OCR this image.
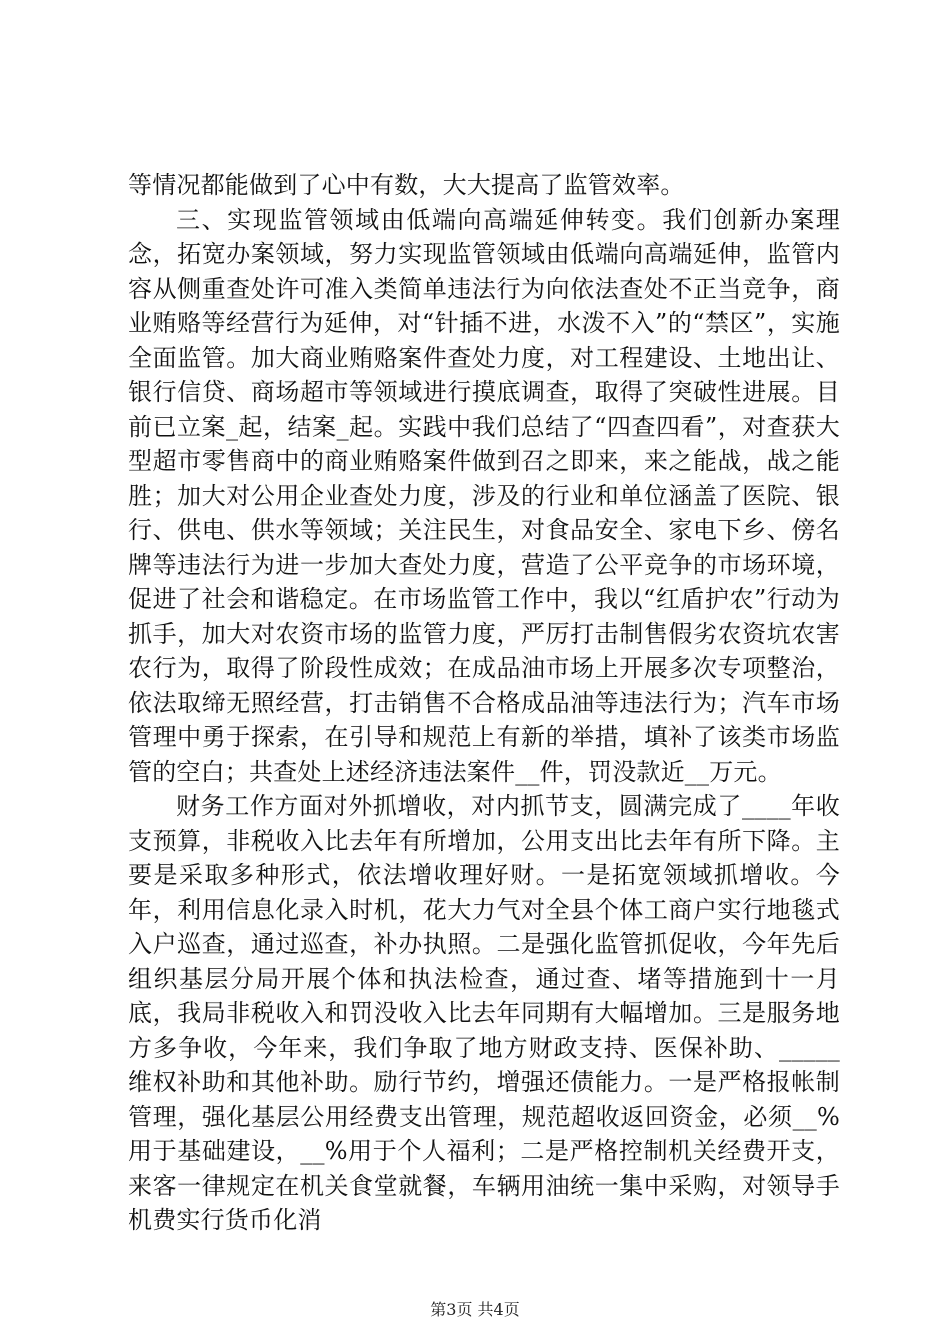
等情况都能做到了心中有数，大大提高了监管效率。

三、实现监管领域由低端向高端延伸转变。我们创新办案理念，拓宽办案领域，努力实现监管领域由低端向高端延伸，监管内容从侧重查处许可准入类简单违法行为向依法查处不正当竞争，商业贿赂等经营行为延伸，对“针插不进，水泼不入”的“禁区”，实施全面监管。加大商业贿赂案件查处力度，对工程建设、土地出让、银行信贷、商场超市等领域进行摸底调查，取得了突破性进展。目前已立案_起，结案_起。实践中我们总结了“四查四看”，对查获大型超市零售商中的商业贿赂案件做到召之即来，来之能战，战之能胜；加大对公用企业查处力度，涉及的行业和单位涵盖了医院、银行、供电、供水等领域；关注民生，对食品安全、家电下乡、傍名牌等违法行为进一步加大查处力度，营造了公平竞争的市场环境，促进了社会和谐稳定。在市场监管工作中，我以“红盾护农”行动为抓手，加大对农资市场的监管力度，严厉打击制售假劣农资坑农害农行为，取得了阶段性成效；在成品油市场上开展多次专项整治，依法取缔无照经营，打击销售不合格成品油等违法行为；汽车市场管理中勇于探索，在引导和规范上有新的举措，填补了该类市场监管的空白；共查处上述经济违法案件__件，罚没款近__万元。

财务工作方面对外抓增收，对内抓节支，圆满完成了____年收支预算，非税收入比去年有所增加，公用支出比去年有所下降。主要是采取多种形式，依法增收理好财。一是拓宽领域抓增收。今年，利用信息化录入时机，花大力气对全县个体工商户实行地毯式入户巡查，通过巡查，补办执照。二是强化监管抓促收，今年先后组织基层分局开展个体和执法检查，通过查、堵等措施到十一月底，我局非税收入和罚没收入比去年同期有大幅增加。三是服务地方多争收，今年来，我们争取了地方财政支持、医保补助、_____维权补助和其他补助。励行节约，增强还债能力。一是严格报帐制管理，强化基层公用经费支出管理，规范超收返回资金，必须__%用于基础建设，__%用于个人福利；二是严格控制机关经费开支，来客一律规定在机关食堂就餐，车辆用油统一集中采购，对领导手机费实行货币化消

第3页 共4页
